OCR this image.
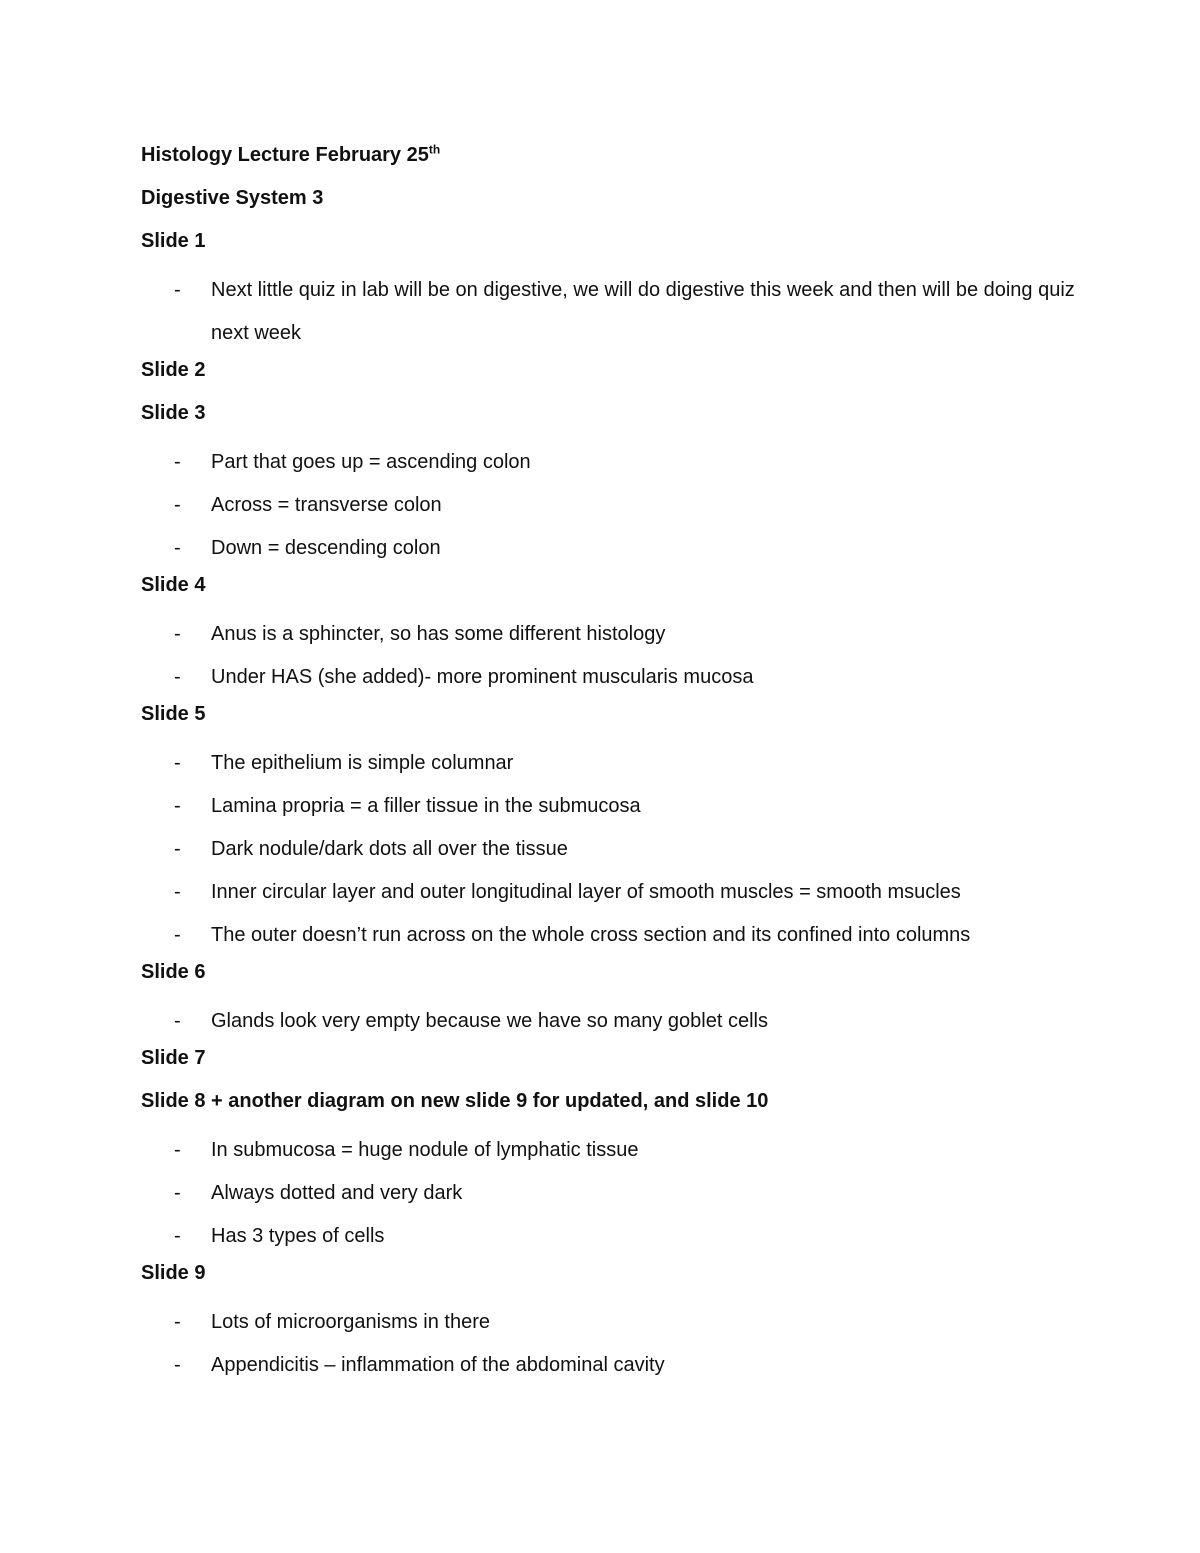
Histology Lecture February 25th
Digestive System 3
Slide 1
- Next little quiz in lab will be on digestive, we will do digestive this week and then will be doing quiz next week
Slide 2
Slide 3
- Part that goes up = ascending colon
- Across = transverse colon
- Down = descending colon
Slide 4
- Anus is a sphincter, so has some different histology
- Under HAS (she added)- more prominent muscularis mucosa
Slide 5
- The epithelium is simple columnar
- Lamina propria = a filler tissue in the submucosa
- Dark nodule/dark dots all over the tissue
- Inner circular layer and outer longitudinal layer of smooth muscles = smooth msucles
- The outer doesn’t run across on the whole cross section and its confined into columns
Slide 6
- Glands look very empty because we have so many goblet cells
Slide 7
Slide 8 + another diagram on new slide 9 for updated, and slide 10
- In submucosa = huge nodule of lymphatic tissue
- Always dotted and very dark
- Has 3 types of cells
Slide 9
- Lots of microorganisms in there
- Appendicitis – inflammation of the abdominal cavity
